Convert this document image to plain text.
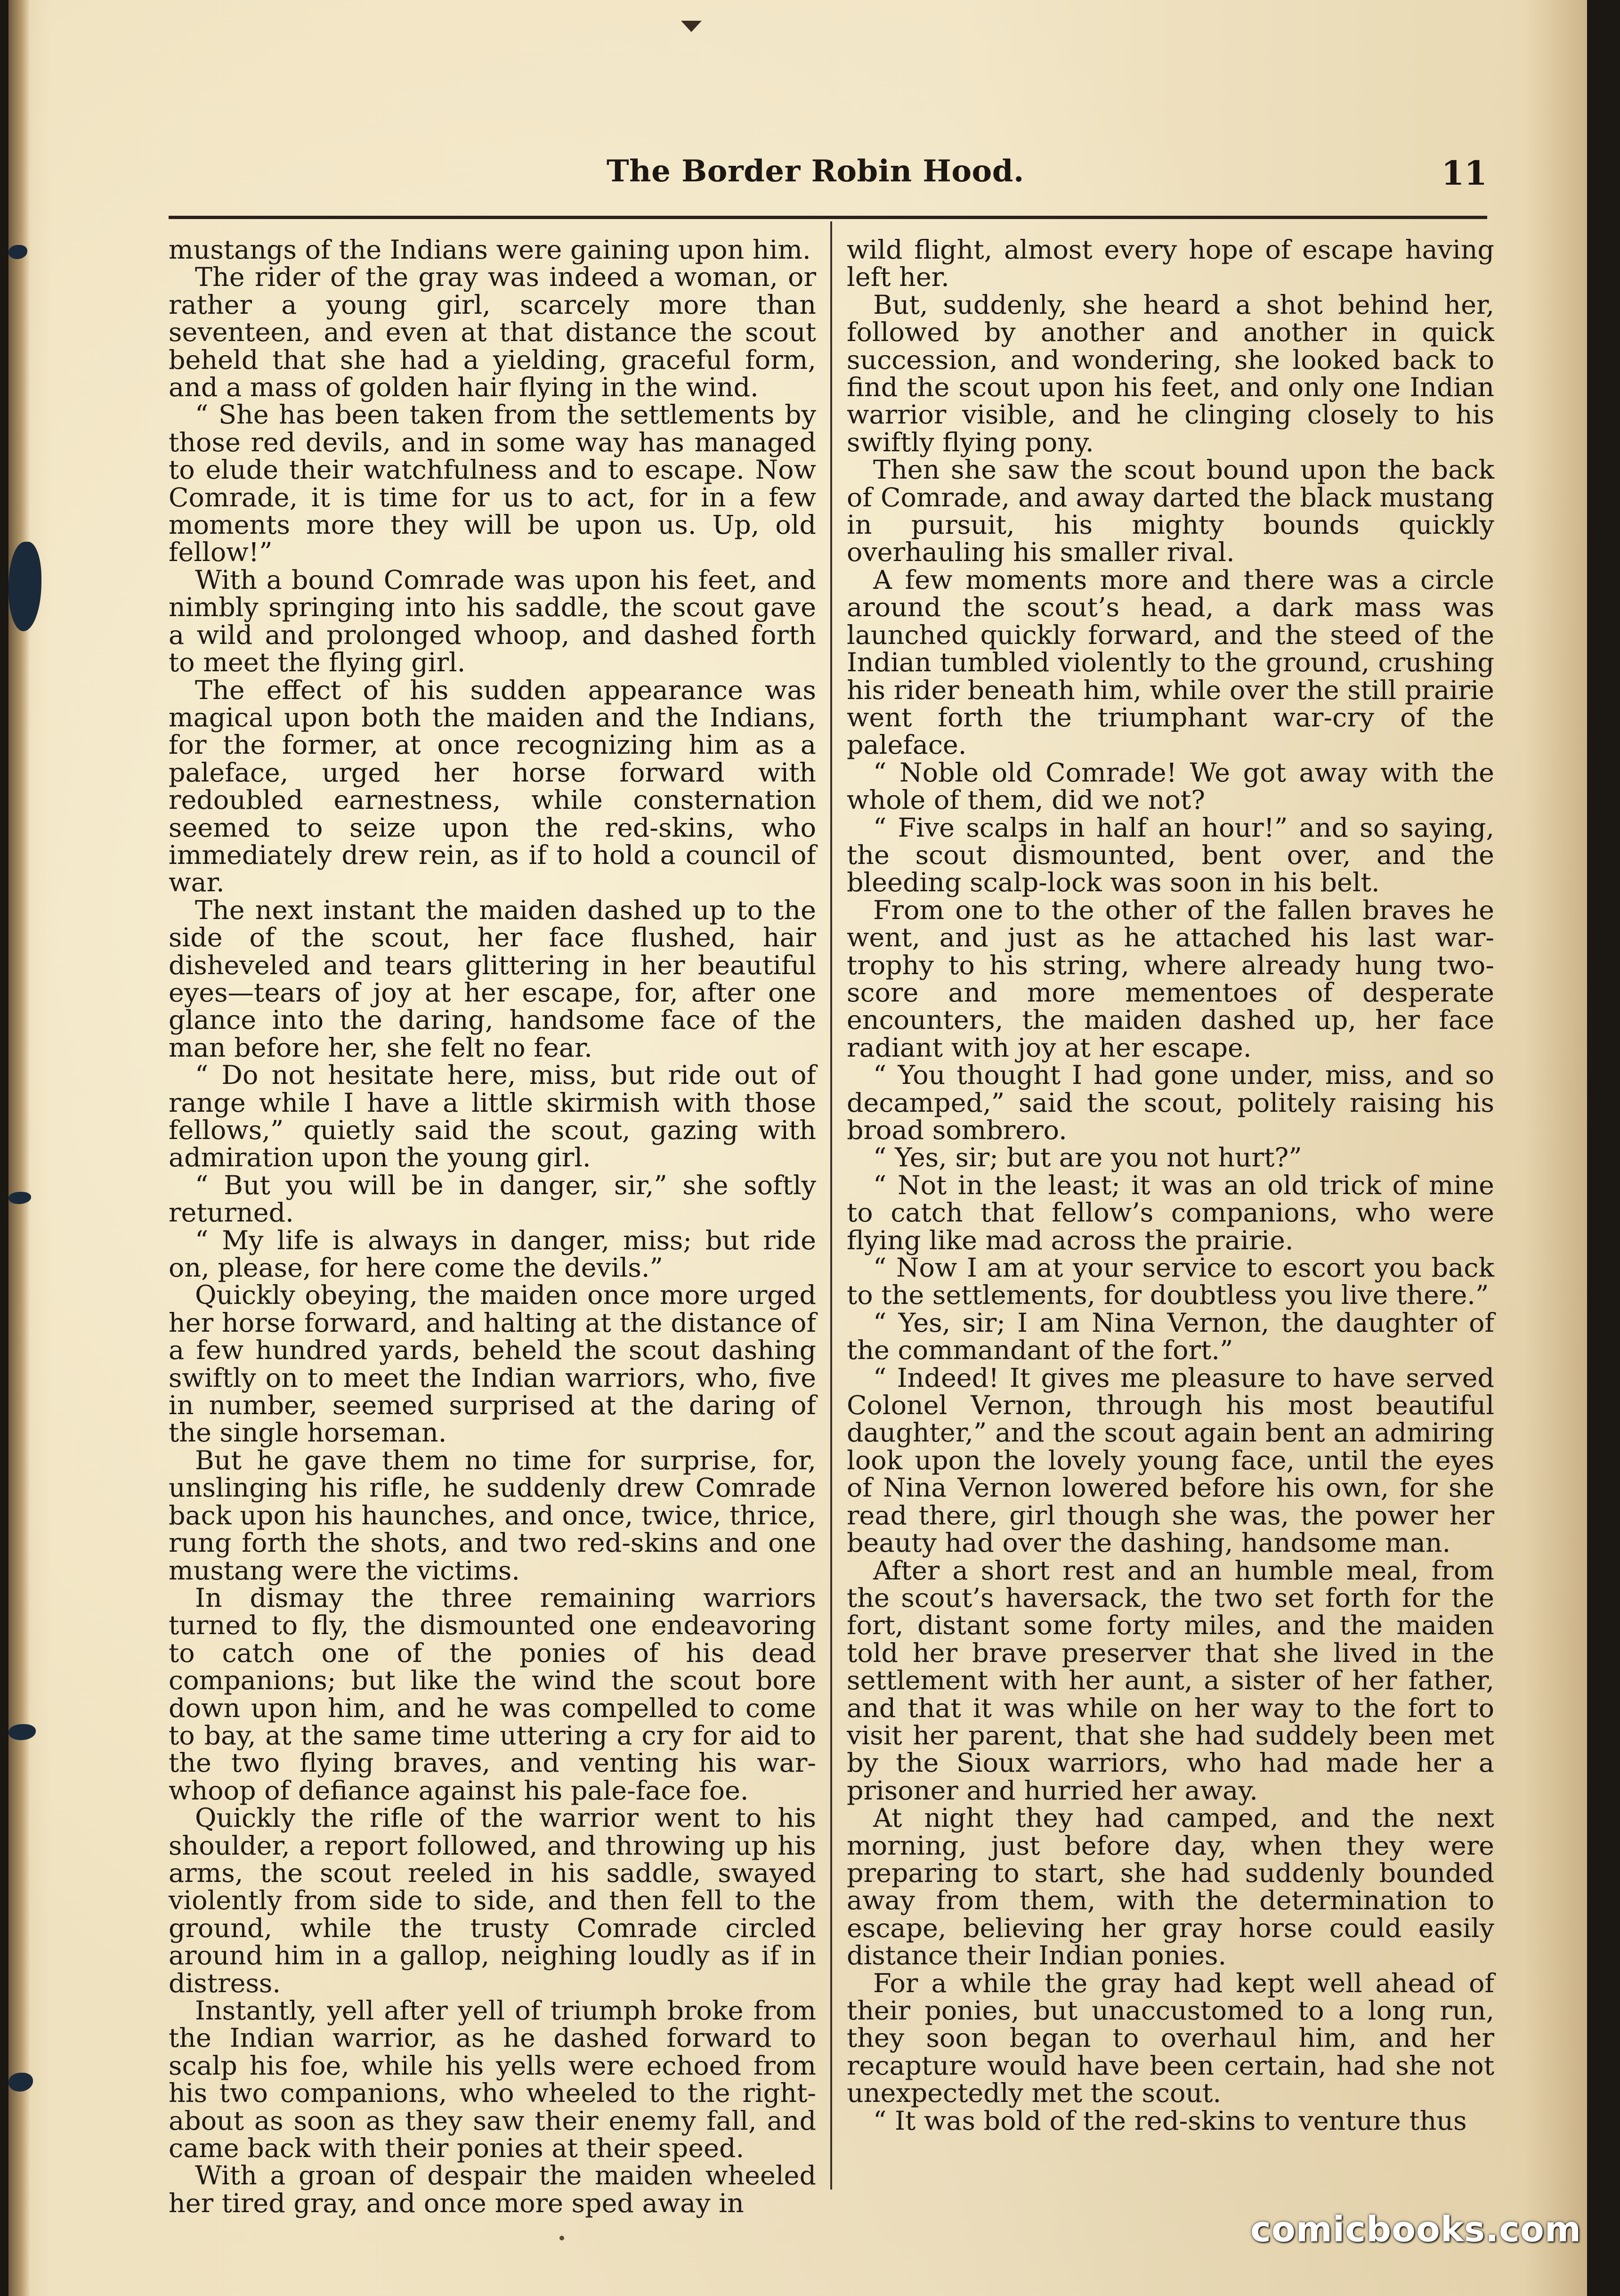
The Border Robin Hood.	11

mustangs of the Indians were gaining upon him.

The rider of the gray was indeed a woman, or rather a young girl, scarcely more than seventeen, and even at that distance the scout beheld that she had a yielding, graceful form, and a mass of golden hair flying in the wind.

“ She has been taken from the settlements by those red devils, and in some way has managed to elude their watchfulness and to escape. Now Comrade, it is time for us to act, for in a few moments more they will be upon us. Up, old fellow!”

With a bound Comrade was upon his feet, and nimbly springing into his saddle, the scout gave a wild and prolonged whoop, and dashed forth to meet the flying girl.

The effect of his sudden appearance was magical upon both the maiden and the Indians, for the former, at once recognizing him as a paleface, urged her horse forward with redoubled earnestness, while consternation seemed to seize upon the red-skins, who immediately drew rein, as if to hold a council of war.

The next instant the maiden dashed up to the side of the scout, her face flushed, hair disheveled and tears glittering in her beautiful eyes—tears of joy at her escape, for, after one glance into the daring, handsome face of the man before her, she felt no fear.

“ Do not hesitate here, miss, but ride out of range while I have a little skirmish with those fellows,” quietly said the scout, gazing with admiration upon the young girl.

“ But you will be in danger, sir,” she softly returned.

“ My life is always in danger, miss; but ride on, please, for here come the devils.”

Quickly obeying, the maiden once more urged her horse forward, and halting at the distance of a few hundred yards, beheld the scout dashing swiftly on to meet the Indian warriors, who, five in number, seemed surprised at the daring of the single horseman.

But he gave them no time for surprise, for, unslinging his rifle, he suddenly drew Comrade back upon his haunches, and once, twice, thrice, rung forth the shots, and two red-skins and one mustang were the victims.

In dismay the three remaining warriors turned to fly, the dismounted one endeavoring to catch one of the ponies of his dead companions; but like the wind the scout bore down upon him, and he was compelled to come to bay, at the same time uttering a cry for aid to the two flying braves, and venting his war-whoop of defiance against his pale-face foe.

Quickly the rifle of the warrior went to his shoulder, a report followed, and throwing up his arms, the scout reeled in his saddle, swayed violently from side to side, and then fell to the ground, while the trusty Comrade circled around him in a gallop, neighing loudly as if in distress.

Instantly, yell after yell of triumph broke from the Indian warrior, as he dashed forward to scalp his foe, while his yells were echoed from his two companions, who wheeled to the right-about as soon as they saw their enemy fall, and came back with their ponies at their speed.

With a groan of despair the maiden wheeled her tired gray, and once more sped away in

wild flight, almost every hope of escape having left her.

But, suddenly, she heard a shot behind her, followed by another and another in quick succession, and wondering, she looked back to find the scout upon his feet, and only one Indian warrior visible, and he clinging closely to his swiftly flying pony.

Then she saw the scout bound upon the back of Comrade, and away darted the black mustang in pursuit, his mighty bounds quickly overhauling his smaller rival.

A few moments more and there was a circle around the scout’s head, a dark mass was launched quickly forward, and the steed of the Indian tumbled violently to the ground, crushing his rider beneath him, while over the still prairie went forth the triumphant war-cry of the paleface.

“ Noble old Comrade! We got away with the whole of them, did we not?

“ Five scalps in half an hour!” and so saying, the scout dismounted, bent over, and the bleeding scalp-lock was soon in his belt.

From one to the other of the fallen braves he went, and just as he attached his last war-trophy to his string, where already hung two-score and more mementoes of desperate encounters, the maiden dashed up, her face radiant with joy at her escape.

“ You thought I had gone under, miss, and so decamped,” said the scout, politely raising his broad sombrero.

“ Yes, sir; but are you not hurt?”

“ Not in the least; it was an old trick of mine to catch that fellow’s companions, who were flying like mad across the prairie.

“ Now I am at your service to escort you back to the settlements, for doubtless you live there.”

“ Yes, sir; I am Nina Vernon, the daughter of the commandant of the fort.”

“ Indeed! It gives me pleasure to have served Colonel Vernon, through his most beautiful daughter,” and the scout again bent an admiring look upon the lovely young face, until the eyes of Nina Vernon lowered before his own, for she read there, girl though she was, the power her beauty had over the dashing, handsome man.

After a short rest and an humble meal, from the scout’s haversack, the two set forth for the fort, distant some forty miles, and the maiden told her brave preserver that she lived in the settlement with her aunt, a sister of her father, and that it was while on her way to the fort to visit her parent, that she had suddely been met by the Sioux warriors, who had made her a prisoner and hurried her away.

At night they had camped, and the next morning, just before day, when they were preparing to start, she had suddenly bounded away from them, with the determination to escape, believing her gray horse could easily distance their Indian ponies.

For a while the gray had kept well ahead of their ponies, but unaccustomed to a long run, they soon began to overhaul him, and her recapture would have been certain, had she not unexpectedly met the scout.

“ It was bold of the red-skins to venture thus

comicbooks.com
